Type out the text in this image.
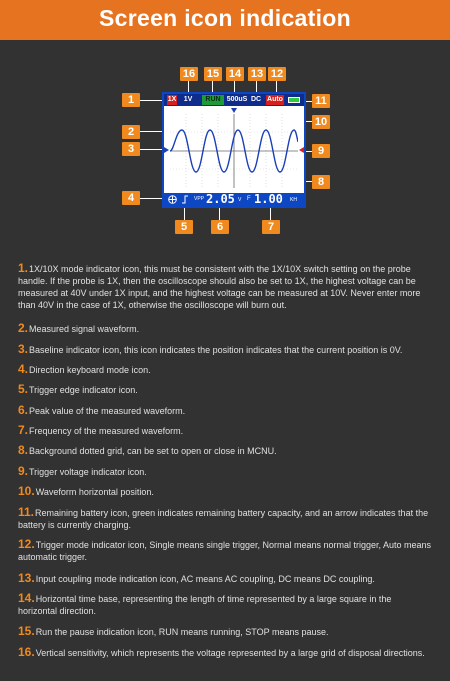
Screen icon indication
16 15 14 13 12
1	11
10
2
3	9
8
4
5	6	7
1X	1V	RUN 500uS DC Auto
VPP 2.05 V F 1.00 KH
1.1X/10X mode indicator icon, this must be consistent with the 1X/10X switch setting on the probe handle. If the probe is 1X, then the oscilloscope should also be set to 1X, the highest voltage can be measured at 40V under 1X input, and the highest voltage can be measured at 10V. Never enter more than 40V in the case of 1X, otherwise the oscilloscope will burn out.
2.Measured signal waveform.
3.Baseline indicator icon, this icon indicates the position indicates that the current position is 0V.
4.Direction keyboard mode icon.
5.Trigger edge indicator icon.
6.Peak value of the measured waveform.
7.Frequency of the measured waveform.
8.Background dotted grid, can be set to open or close in MCNU.
9.Trigger voltage indicator icon.
10.Waveform horizontal position.
11.Remaining battery icon, green indicates remaining battery capacity, and an arrow indicates that the battery is currently charging.
12.Trigger mode indicator icon, Single means single trigger, Normal means normal trigger, Auto means automatic trigger.
13.Input coupling mode indication icon, AC means AC coupling, DC means DC coupling.
14.Horizontal time base, representing the length of time represented by a large square in the horizontal direction.
15.Run the pause indication icon, RUN means running, STOP means pause.
16.Vertical sensitivity, which represents the voltage represented by a large grid of disposal directions.
